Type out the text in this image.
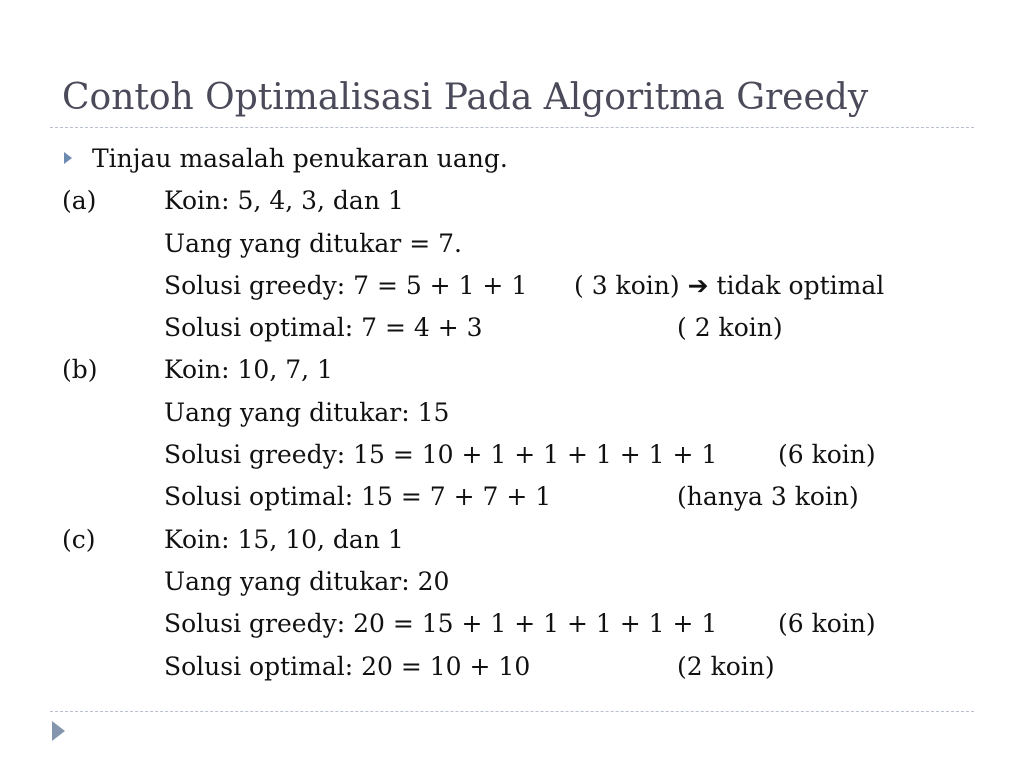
Contoh Optimalisasi Pada Algoritma Greedy
Tinjau masalah penukaran uang.
(a)	Koin: 5, 4, 3, dan 1
Uang yang ditukar = 7.
Solusi greedy: 7 = 5 + 1 + 1 ( 3 koin) ➔ tidak optimal
Solusi optimal: 7 = 4 + 3	( 2 koin)
(b)	Koin: 10, 7, 1
Uang yang ditukar: 15
Solusi greedy: 15 = 10 + 1 + 1 + 1 + 1 + 1 (6 koin)
Solusi optimal: 15 = 7 + 7 + 1	(hanya 3 koin)
(c)	Koin: 15, 10, dan 1
Uang yang ditukar: 20
Solusi greedy: 20 = 15 + 1 + 1 + 1 + 1 + 1 (6 koin)
Solusi optimal: 20 = 10 + 10	(2 koin)
